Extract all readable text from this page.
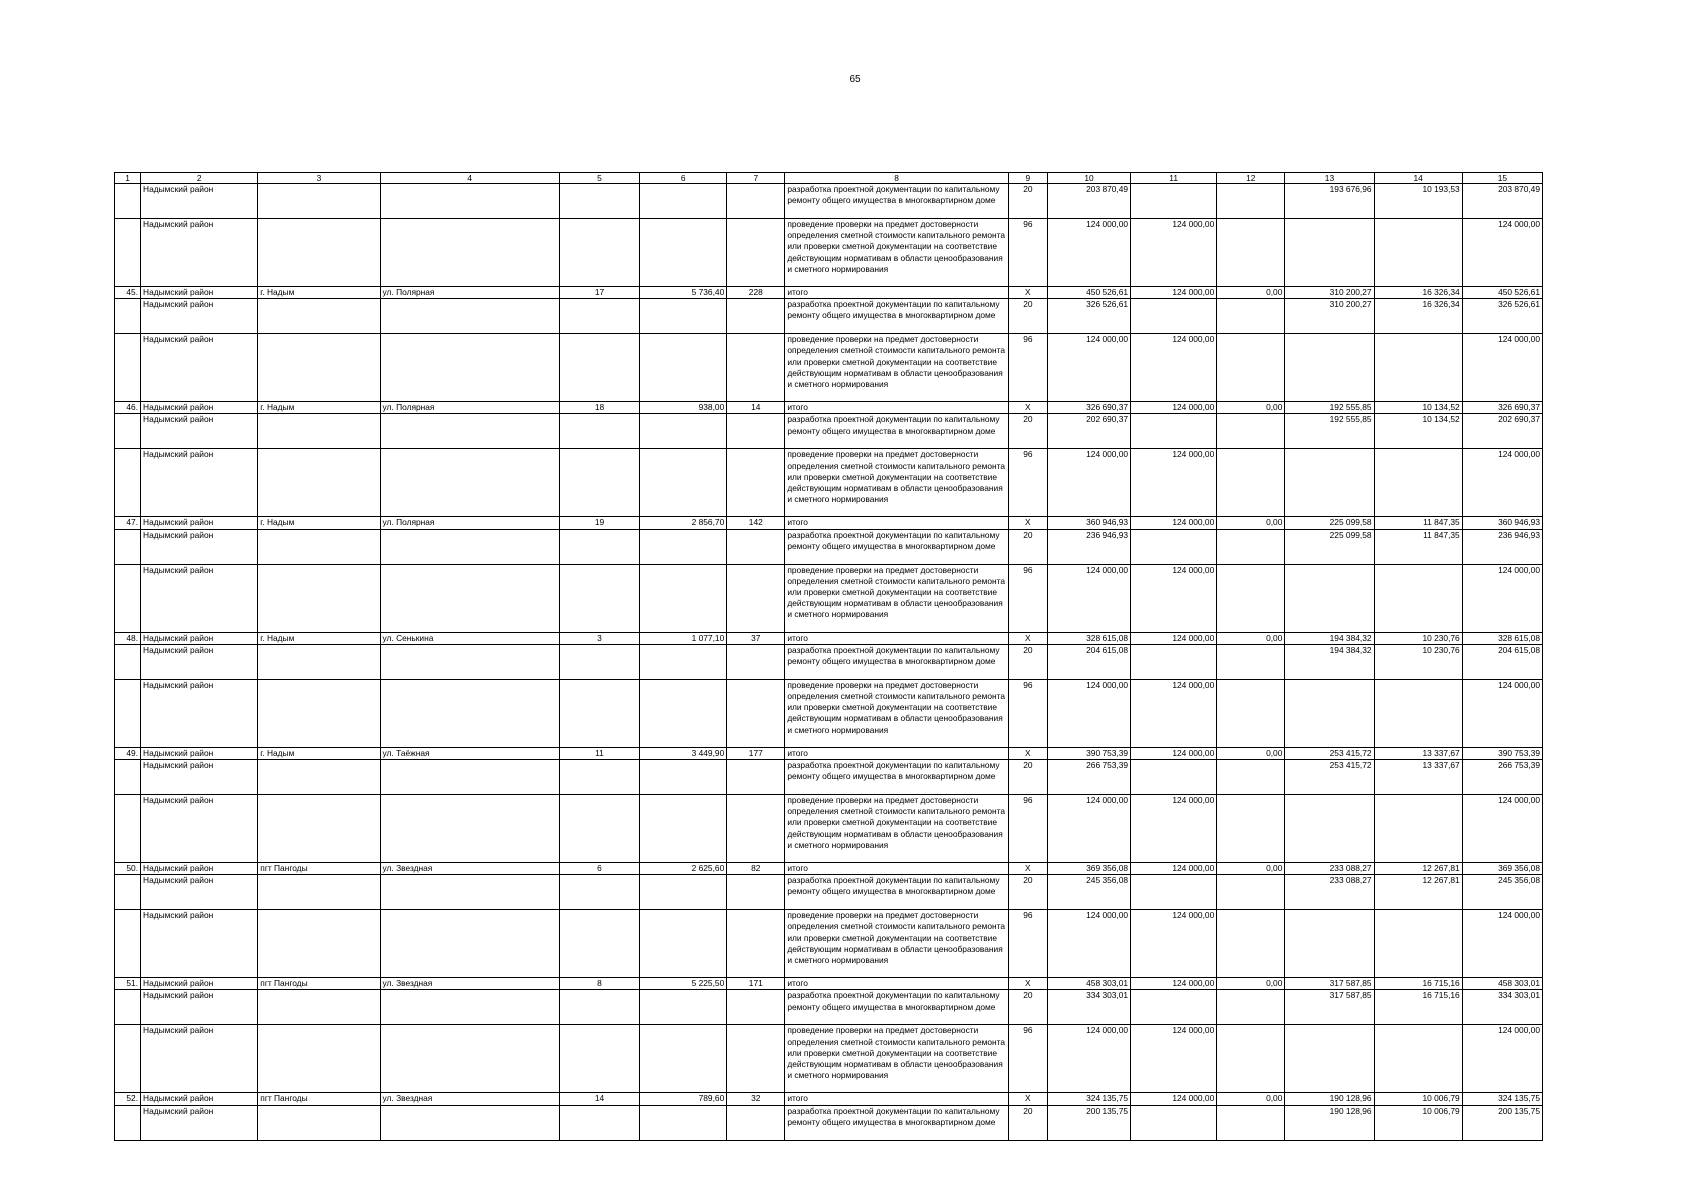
65
1	2	3	4	5	6	7	8	9	10	11	12	13	14	15
	Надымский район						разработка проектной документации по капитальному ремонту общего имущества в многоквартирном доме	20	203 870,49			193 676,96	10 193,53	203 870,49
	Надымский район						проведение проверки на предмет достоверности определения сметной стоимости капитального ремонта или проверки сметной документации на соответствие действующим нормативам в области ценообразования и сметного нормирования	96	124 000,00	124 000,00				124 000,00
45.	Надымский район	г. Надым	ул. Полярная	17	5 736,40	228	итого	X	450 526,61	124 000,00	0,00	310 200,27	16 326,34	450 526,61
	Надымский район						разработка проектной документации по капитальному ремонту общего имущества в многоквартирном доме	20	326 526,61			310 200,27	16 326,34	326 526,61
	Надымский район						проведение проверки на предмет достоверности определения сметной стоимости капитального ремонта или проверки сметной документации на соответствие действующим нормативам в области ценообразования и сметного нормирования	96	124 000,00	124 000,00				124 000,00
46.	Надымский район	г. Надым	ул. Полярная	18	938,00	14	итого	X	326 690,37	124 000,00	0,00	192 555,85	10 134,52	326 690,37
	Надымский район						разработка проектной документации по капитальному ремонту общего имущества в многоквартирном доме	20	202 690,37			192 555,85	10 134,52	202 690,37
	Надымский район						проведение проверки на предмет достоверности определения сметной стоимости капитального ремонта или проверки сметной документации на соответствие действующим нормативам в области ценообразования и сметного нормирования	96	124 000,00	124 000,00				124 000,00
47.	Надымский район	г. Надым	ул. Полярная	19	2 856,70	142	итого	X	360 946,93	124 000,00	0,00	225 099,58	11 847,35	360 946,93
	Надымский район						разработка проектной документации по капитальному ремонту общего имущества в многоквартирном доме	20	236 946,93			225 099,58	11 847,35	236 946,93
	Надымский район						проведение проверки на предмет достоверности определения сметной стоимости капитального ремонта или проверки сметной документации на соответствие действующим нормативам в области ценообразования и сметного нормирования	96	124 000,00	124 000,00				124 000,00
48.	Надымский район	г. Надым	ул. Сенькина	3	1 077,10	37	итого	X	328 615,08	124 000,00	0,00	194 384,32	10 230,76	328 615,08
	Надымский район						разработка проектной документации по капитальному ремонту общего имущества в многоквартирном доме	20	204 615,08			194 384,32	10 230,76	204 615,08
	Надымский район						проведение проверки на предмет достоверности определения сметной стоимости капитального ремонта или проверки сметной документации на соответствие действующим нормативам в области ценообразования и сметного нормирования	96	124 000,00	124 000,00				124 000,00
49.	Надымский район	г. Надым	ул. Таёжная	11	3 449,90	177	итого	X	390 753,39	124 000,00	0,00	253 415,72	13 337,67	390 753,39
	Надымский район						разработка проектной документации по капитальному ремонту общего имущества в многоквартирном доме	20	266 753,39			253 415,72	13 337,67	266 753,39
	Надымский район						проведение проверки на предмет достоверности определения сметной стоимости капитального ремонта или проверки сметной документации на соответствие действующим нормативам в области ценообразования и сметного нормирования	96	124 000,00	124 000,00				124 000,00
50.	Надымский район	пгт Пангоды	ул. Звездная	6	2 625,60	82	итого	X	369 356,08	124 000,00	0,00	233 088,27	12 267,81	369 356,08
	Надымский район						разработка проектной документации по капитальному ремонту общего имущества в многоквартирном доме	20	245 356,08			233 088,27	12 267,81	245 356,08
	Надымский район						проведение проверки на предмет достоверности определения сметной стоимости капитального ремонта или проверки сметной документации на соответствие действующим нормативам в области ценообразования и сметного нормирования	96	124 000,00	124 000,00				124 000,00
51.	Надымский район	пгт Пангоды	ул. Звездная	8	5 225,50	171	итого	X	458 303,01	124 000,00	0,00	317 587,85	16 715,16	458 303,01
	Надымский район						разработка проектной документации по капитальному ремонту общего имущества в многоквартирном доме	20	334 303,01			317 587,85	16 715,16	334 303,01
	Надымский район						проведение проверки на предмет достоверности определения сметной стоимости капитального ремонта или проверки сметной документации на соответствие действующим нормативам в области ценообразования и сметного нормирования	96	124 000,00	124 000,00				124 000,00
52.	Надымский район	пгт Пангоды	ул. Звездная	14	789,60	32	итого	X	324 135,75	124 000,00	0,00	190 128,96	10 006,79	324 135,75
	Надымский район						разработка проектной документации по капитальному ремонту общего имущества в многоквартирном доме	20	200 135,75			190 128,96	10 006,79	200 135,75
